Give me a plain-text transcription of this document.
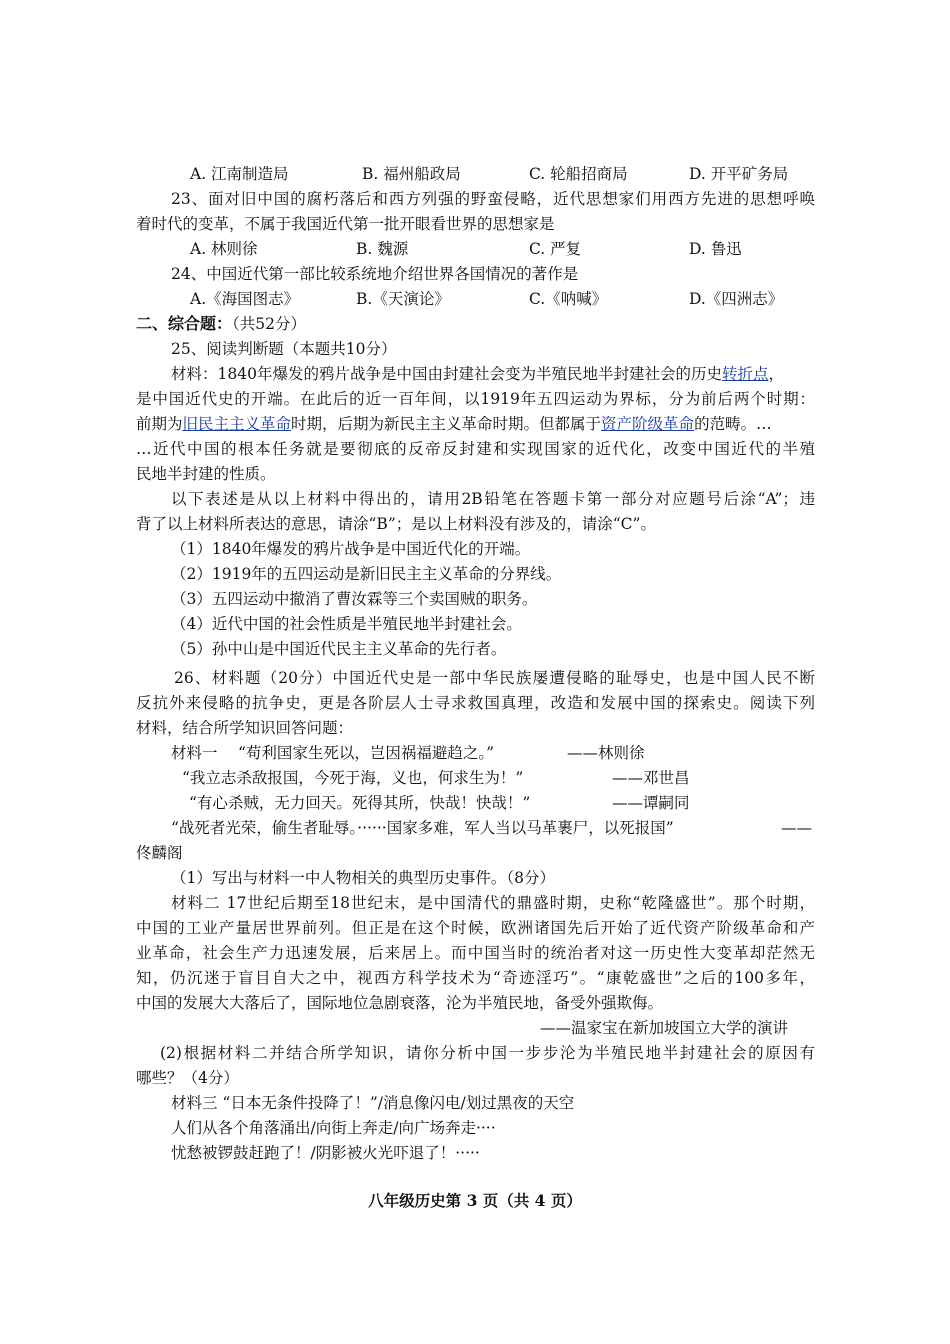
A. 江南制造局	B. 福州船政局	C. 轮船招商局	D. 开平矿务局
23、面对旧中国的腐朽落后和西方列强的野蛮侵略，近代思想家们用西方先进的思想呼唤
着时代的变革，不属于我国近代第一批开眼看世界的思想家是
A. 林则徐	B. 魏源	C. 严复	D. 鲁迅
24、中国近代第一部比较系统地介绍世界各国情况的著作是
A.《海国图志》	B.《天演论》	C.《呐喊》	D.《四洲志》
二、综合题：（共52分）
25、阅读判断题（本题共10分）
材料：1840年爆发的鸦片战争是中国由封建社会变为半殖民地半封建社会的历史转折点，
是中国近代史的开端。在此后的近一百年间，以1919年五四运动为界标，分为前后两个时期：
前期为旧民主主义革命时期，后期为新民主主义革命时期。但都属于资产阶级革命的范畴。…
…近代中国的根本任务就是要彻底的反帝反封建和实现国家的近代化，改变中国近代的半殖
民地半封建的性质。
以下表述是从以上材料中得出的，请用2B铅笔在答题卡第一部分对应题号后涂“A”；违
背了以上材料所表达的意思，请涂“B”；是以上材料没有涉及的，请涂“C”。
（1）1840年爆发的鸦片战争是中国近代化的开端。
（2）1919年的五四运动是新旧民主主义革命的分界线。
（3）五四运动中撤消了曹汝霖等三个卖国贼的职务。
（4）近代中国的社会性质是半殖民地半封建社会。
（5）孙中山是中国近代民主主义革命的先行者。
26、材料题（20分）中国近代史是一部中华民族屡遭侵略的耻辱史，也是中国人民不断
反抗外来侵略的抗争史，更是各阶层人士寻求救国真理，改造和发展中国的探索史。阅读下列
材料，结合所学知识回答问题：
材料一 “苟利国家生死以，岂因祸福避趋之。”	——林则徐
“我立志杀敌报国，今死于海，义也，何求生为！”	——邓世昌
“有心杀贼，无力回天。死得其所，快哉！快哉！”	——谭嗣同
“战死者光荣，偷生者耻辱。······国家多难，军人当以马革裹尸，以死报国”	——
佟麟阁
（1）写出与材料一中人物相关的典型历史事件。（8分）
材料二 17世纪后期至18世纪末，是中国清代的鼎盛时期，史称“乾隆盛世”。那个时期，
中国的工业产量居世界前列。但正是在这个时候，欧洲诸国先后开始了近代资产阶级革命和产
业革命，社会生产力迅速发展，后来居上。而中国当时的统治者对这一历史性大变革却茫然无
知，仍沉迷于盲目自大之中，视西方科学技术为“奇迹淫巧”。“康乾盛世”之后的100多年，
中国的发展大大落后了，国际地位急剧衰落，沦为半殖民地，备受外强欺侮。
——温家宝在新加坡国立大学的演讲
(2)根据材料二并结合所学知识，请你分析中国一步步沦为半殖民地半封建社会的原因有
哪些？（4分）
材料三 “日本无条件投降了！”/消息像闪电/划过黑夜的天空
人们从各个角落涌出/向街上奔走/向广场奔走····
忧愁被锣鼓赶跑了！/阴影被火光吓退了！·····
八年级历史第 3 页（共 4 页）
